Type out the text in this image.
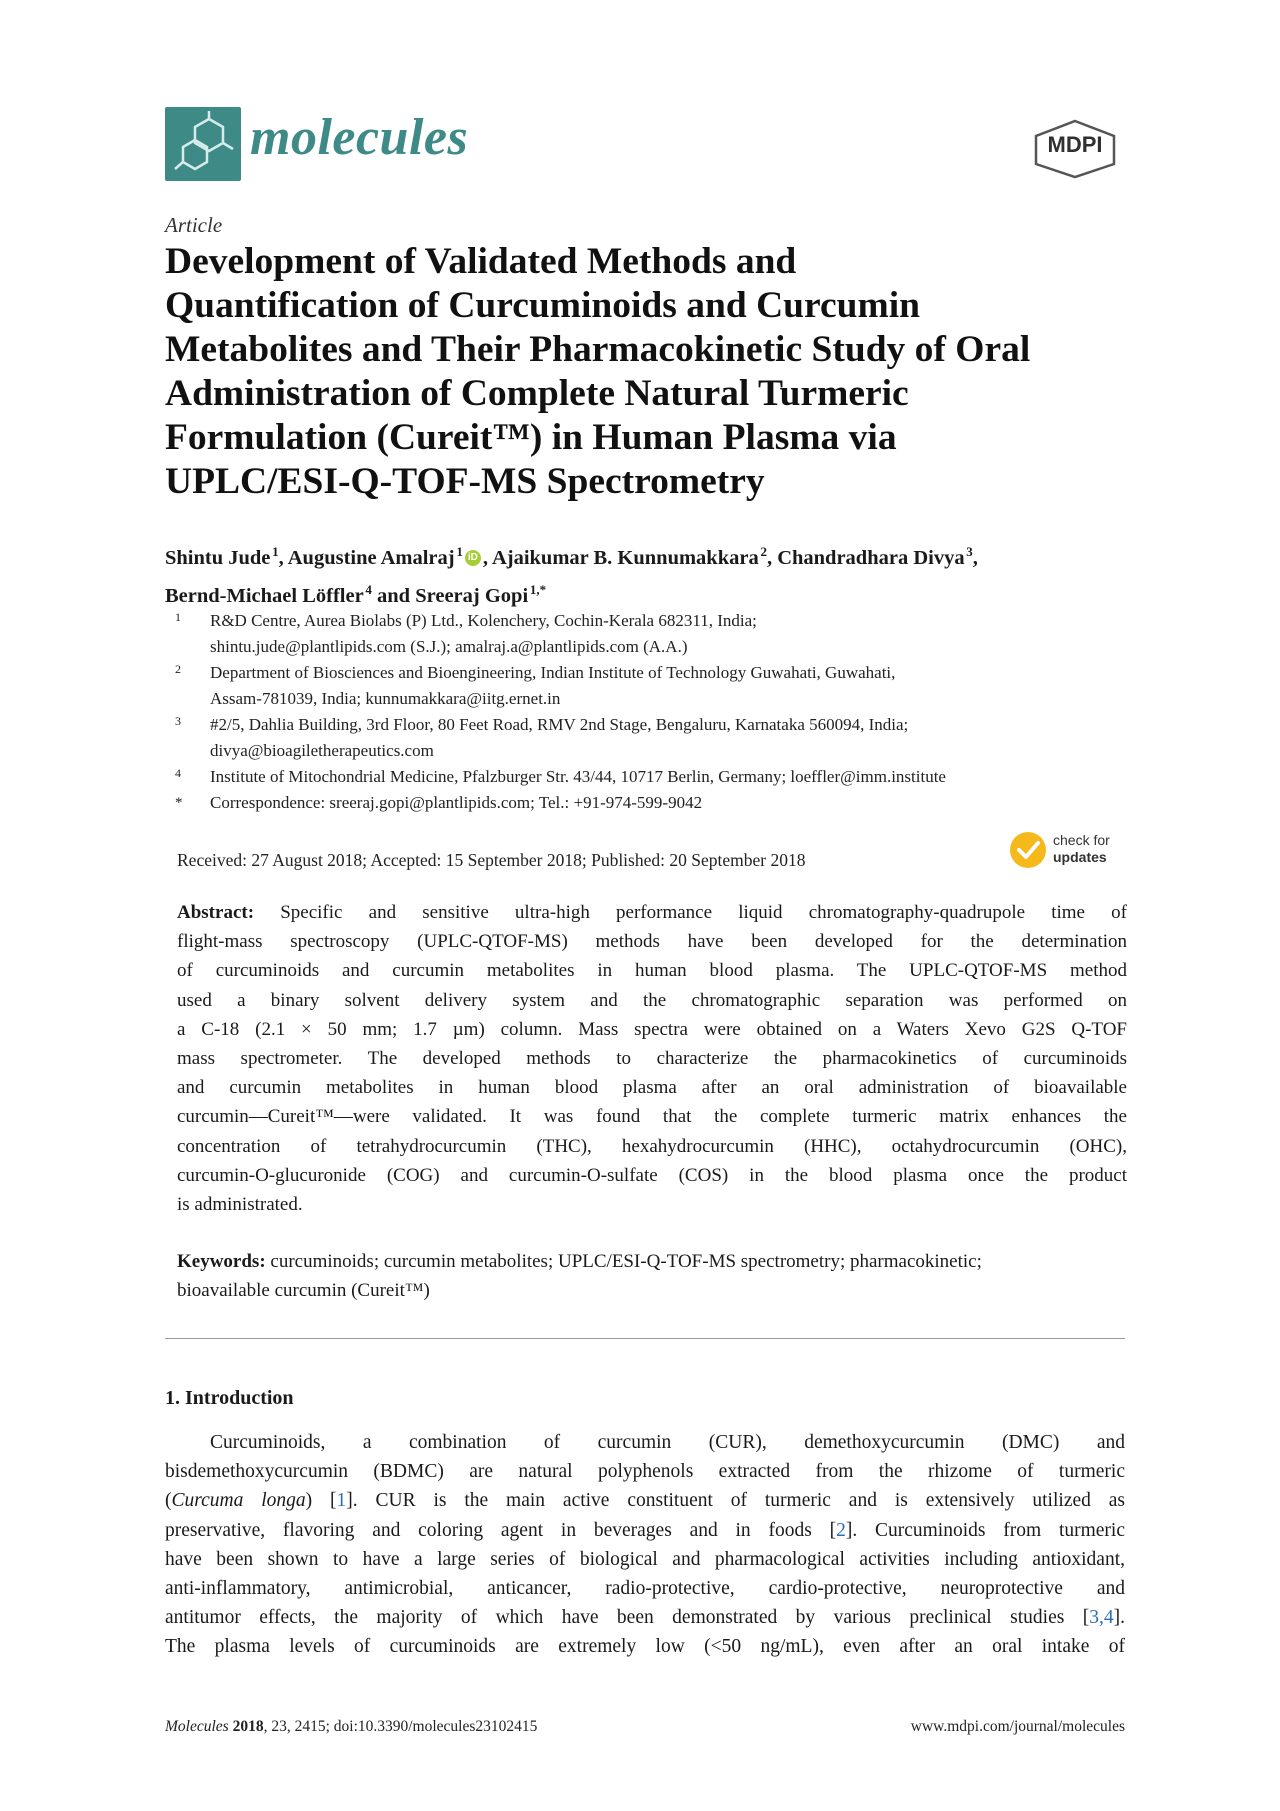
molecules	MDPI
Article
Development of Validated Methods and
Quantification of Curcuminoids and Curcumin
Metabolites and Their Pharmacokinetic Study of Oral
Administration of Complete Natural Turmeric
Formulation (Cureit™) in Human Plasma via
UPLC/ESI-Q-TOF-MS Spectrometry
Shintu Jude  $^1$, Augustine Amalraj  $^1$ iD , Ajaikumar B. Kunnumakkara  $^2$, Chandradhara Divya  $^3$,
Bernd-Michael Löffler  $^4$ and Sreeraj Gopi  $^{1,*}$
1 R&D Centre, Aurea Biolabs (P) Ltd., Kolenchery, Cochin-Kerala 682311, India;
shintu.jude@plantlipids.com (S.J.); amalraj.a@plantlipids.com (A.A.)
2 Department of Biosciences and Bioengineering, Indian Institute of Technology Guwahati, Guwahati,
Assam-781039, India; kunnumakkara@iitg.ernet.in
3 #2/5, Dahlia Building, 3rd Floor, 80 Feet Road, RMV 2nd Stage, Bengaluru, Karnataka 560094, India;
divya@bioagiletherapeutics.com
4 Institute of Mitochondrial Medicine, Pfalzburger Str. 43/44, 10717 Berlin, Germany; loeffler@imm.institute
* Correspondence: sreeraj.gopi@plantlipids.com; Tel.: +91-974-599-9042
Received: 27 August 2018; Accepted: 15 September 2018; Published: 20 September 2018
check for
updates
Abstract: Specific and sensitive ultra-high performance liquid chromatography-quadrupole time of
flight-mass spectroscopy (UPLC-QTOF-MS) methods have been developed for the determination
of curcuminoids and curcumin metabolites in human blood plasma. The UPLC-QTOF-MS method
used a binary solvent delivery system and the chromatographic separation was performed on
a C-18 (2.1 × 50 mm; 1.7 µm) column. Mass spectra were obtained on a Waters Xevo G2S Q-TOF
mass spectrometer. The developed methods to characterize the pharmacokinetics of curcuminoids
and curcumin metabolites in human blood plasma after an oral administration of bioavailable
curcumin—Cureit™—were validated. It was found that the complete turmeric matrix enhances the
concentration of tetrahydrocurcumin (THC), hexahydrocurcumin (HHC), octahydrocurcumin (OHC),
curcumin-O-glucuronide (COG) and curcumin-O-sulfate (COS) in the blood plasma once the product
is administrated.
Keywords: curcuminoids; curcumin metabolites; UPLC/ESI-Q-TOF-MS spectrometry; pharmacokinetic;
bioavailable curcumin (Cureit™)
1. Introduction
Curcuminoids, a combination of curcumin (CUR), demethoxycurcumin (DMC) and
bisdemethoxycurcumin (BDMC) are natural polyphenols extracted from the rhizome of turmeric
(Curcuma longa) [1]. CUR is the main active constituent of turmeric and is extensively utilized as
preservative, flavoring and coloring agent in beverages and in foods [2]. Curcuminoids from turmeric
have been shown to have a large series of biological and pharmacological activities including antioxidant,
anti-inflammatory, antimicrobial, anticancer, radio-protective, cardio-protective, neuroprotective and
antitumor effects, the majority of which have been demonstrated by various preclinical studies [3,4].
The plasma levels of curcuminoids are extremely low (<50 ng/mL), even after an oral intake of
Molecules 2018, 23, 2415; doi:10.3390/molecules23102415	www.mdpi.com/journal/molecules
